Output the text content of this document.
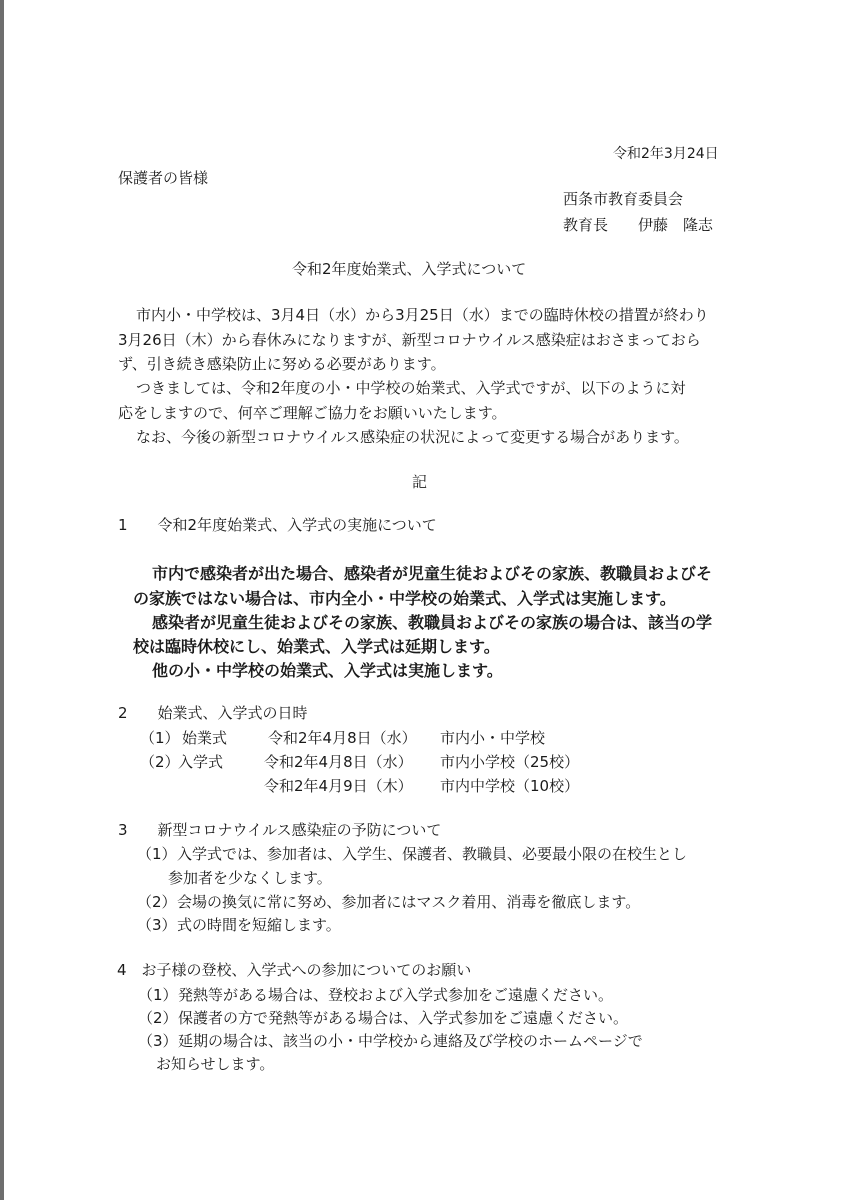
令和2年3月24日
保護者の皆様
西条市教育委員会
教育長　　伊藤　隆志
令和2年度始業式、入学式について
市内小・中学校は、3月4日（水）から3月25日（水）までの臨時休校の措置が終わり
3月26日（木）から春休みになりますが、新型コロナウイルス感染症はおさまっておら
ず、引き続き感染防止に努める必要があります。
つきましては、令和2年度の小・中学校の始業式、入学式ですが、以下のように対
応をしますので、何卒ご理解ご協力をお願いいたします。
なお、今後の新型コロナウイルス感染症の状況によって変更する場合があります。
記
1　　令和2年度始業式、入学式の実施について
市内で感染者が出た場合、感染者が児童生徒およびその家族、教職員およびそ
の家族ではない場合は、市内全小・中学校の始業式、入学式は実施します。
感染者が児童生徒およびその家族、教職員およびその家族の場合は、該当の学
校は臨時休校にし、始業式、入学式は延期します。
他の小・中学校の始業式、入学式は実施します。
2　　始業式、入学式の日時
（1） 始業式	令和2年4月8日（水） 市内小・中学校
（2）
入学式	令和2年4月8日（水） 市内小学校（25校）
令和2年4月9日（木） 市内中学校（10校）
3　　新型コロナウイルス感染症の予防について
（1） 入学式では、参加者は、入学生、保護者、教職員、必要最小限の在校生とし
参加者を少なくします。
（2） 会場の換気に常に努め、参加者にはマスク着用、消毒を徹底します。
（3） 式の時間を短縮します。
4　お子様の登校、入学式への参加についてのお願い
（1） 発熱等がある場合は、登校および入学式参加をご遠慮ください。
（2） 保護者の方で発熱等がある場合は、入学式参加をご遠慮ください。
（3） 延期の場合は、該当の小・中学校から連絡及び学校のホームページで
お知らせします。
